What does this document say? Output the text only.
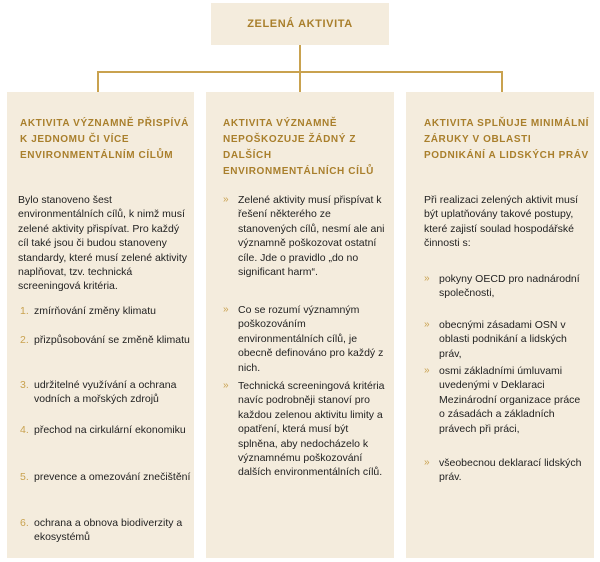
ZELENÁ AKTIVITA
AKTIVITA VÝZNAMNĚ PŘISPÍVÁ K JEDNOMU ČI VÍCE ENVIRONMENTÁLNÍM CÍLŮM
Bylo stanoveno šest environmentálních cílů, k nimž musí zelené aktivity přispívat. Pro každý cíl také jsou či budou stanoveny standardy, které musí zelené aktivity naplňovat, tzv. technická screeningová kritéria.
1. zmírňování změny klimatu
2. přizpůsobování se změně klimatu
3. udržitelné využívání a ochrana vodních a mořských zdrojů
4. přechod na cirkulární ekonomiku
5. prevence a omezování znečištění
6. ochrana a obnova biodiverzity a ekosystémů
AKTIVITA VÝZNAMNĚ NEPOŠKOZUJE ŽÁDNÝ Z DALŠÍCH ENVIRONMENTÁLNÍCH CÍLŮ
» Zelené aktivity musí přispívat k řešení některého ze stanovených cílů, nesmí ale ani významně poškozovat ostatní cíle. Jde o pravidlo „do no significant harm“.
» Co se rozumí významným poškozováním environmentálních cílů, je obecně definováno pro každý z nich.
» Technická screeningová kritéria navíc podrobněji stanoví pro každou zelenou aktivitu limity a opatření, která musí být splněna, aby nedocházelo k významnému poškozování dalších environmentálních cílů.
AKTIVITA SPLŇUJE MINIMÁLNÍ ZÁRUKY V OBLASTI PODNIKÁNÍ A LIDSKÝCH PRÁV
Při realizaci zelených aktivit musí být uplatňovány takové postupy, které zajistí soulad hospodářské činnosti s:
» pokyny OECD pro nadnárodní společnosti,
» obecnými zásadami OSN v oblasti podnikání a lidských práv,
» osmi základními úmluvami uvedenými v Deklaraci Mezinárodní organizace práce o zásadách a základních právech při práci,
» všeobecnou deklarací lidských práv.
